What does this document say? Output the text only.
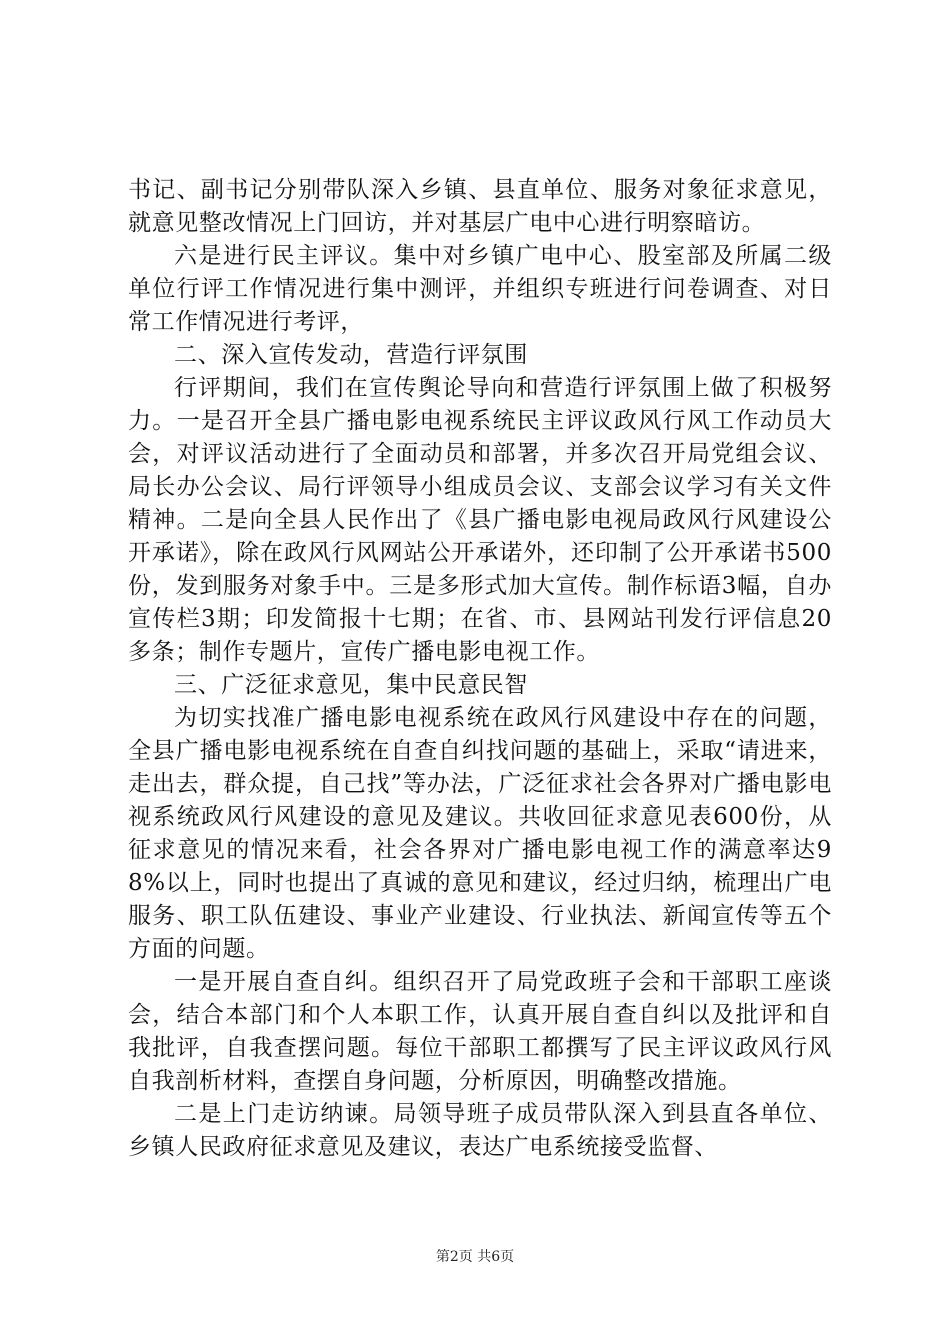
书记、副书记分别带队深入乡镇、县直单位、服务对象征求意见，就意见整改情况上门回访，并对基层广电中心进行明察暗访。

六是进行民主评议。集中对乡镇广电中心、股室部及所属二级单位行评工作情况进行集中测评，并组织专班进行问卷调查、对日常工作情况进行考评，

二、深入宣传发动，营造行评氛围

行评期间，我们在宣传舆论导向和营造行评氛围上做了积极努力。一是召开全县广播电影电视系统民主评议政风行风工作动员大会，对评议活动进行了全面动员和部署，并多次召开局党组会议、局长办公会议、局行评领导小组成员会议、支部会议学习有关文件精神。二是向全县人民作出了《县广播电影电视局政风行风建设公开承诺》，除在政风行风网站公开承诺外，还印制了公开承诺书500份，发到服务对象手中。三是多形式加大宣传。制作标语3幅，自办宣传栏3期；印发简报十七期；在省、市、县网站刊发行评信息20多条；制作专题片，宣传广播电影电视工作。

三、广泛征求意见，集中民意民智

为切实找准广播电影电视系统在政风行风建设中存在的问题，全县广播电影电视系统在自查自纠找问题的基础上，采取“请进来，走出去，群众提，自己找”等办法，广泛征求社会各界对广播电影电视系统政风行风建设的意见及建议。共收回征求意见表600份，从征求意见的情况来看，社会各界对广播电影电视工作的满意率达98%以上，同时也提出了真诚的意见和建议，经过归纳，梳理出广电服务、职工队伍建设、事业产业建设、行业执法、新闻宣传等五个方面的问题。

一是开展自查自纠。组织召开了局党政班子会和干部职工座谈会，结合本部门和个人本职工作，认真开展自查自纠以及批评和自我批评，自我查摆问题。每位干部职工都撰写了民主评议政风行风自我剖析材料，查摆自身问题，分析原因，明确整改措施。

二是上门走访纳谏。局领导班子成员带队深入到县直各单位、乡镇人民政府征求意见及建议，表达广电系统接受监督、

第2页 共6页
